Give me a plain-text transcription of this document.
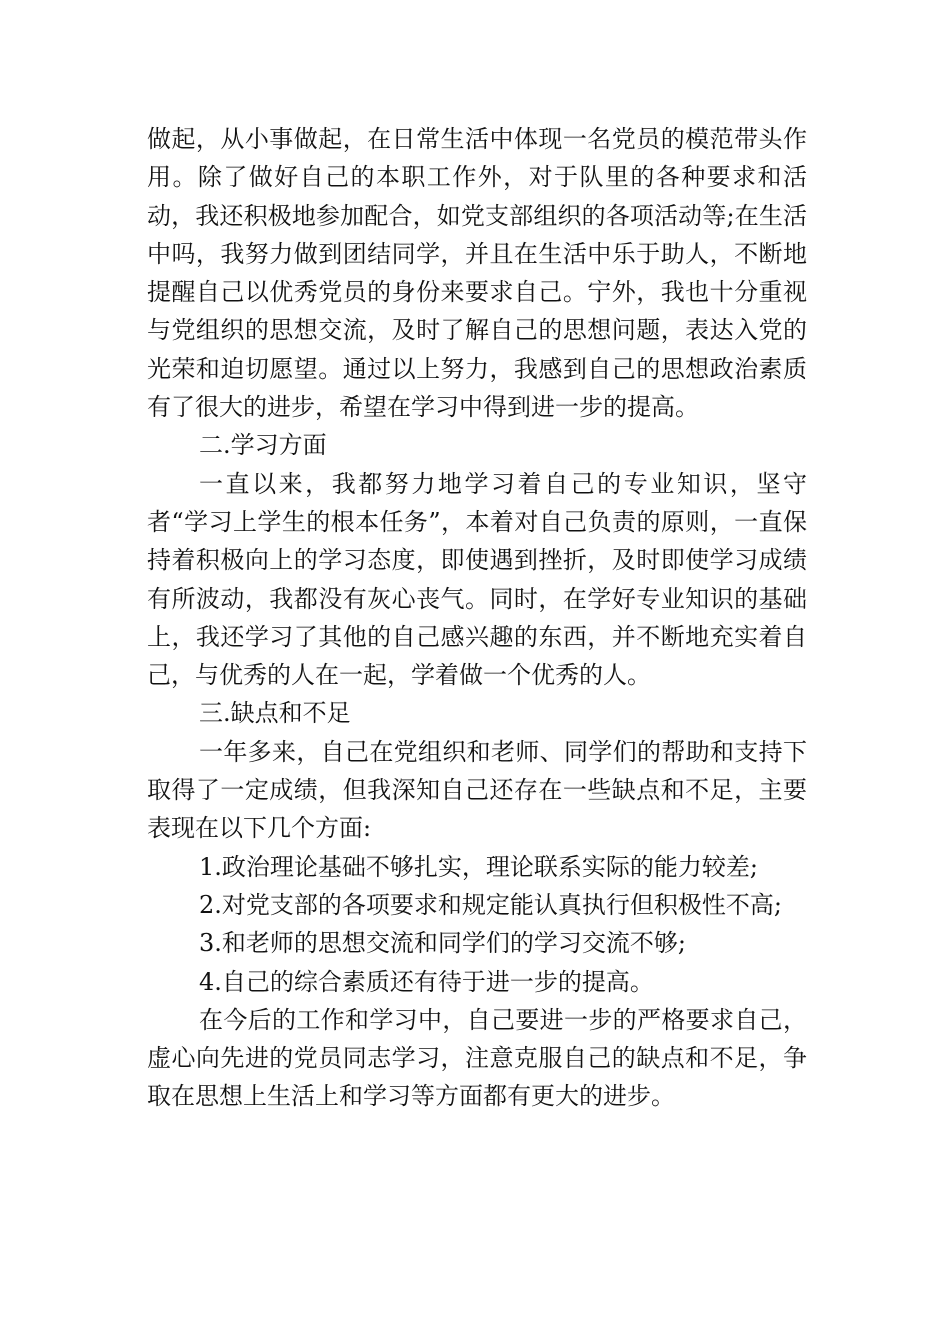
做起，从小事做起，在日常生活中体现一名党员的模范带头作用。除了做好自己的本职工作外，对于队里的各种要求和活动，我还积极地参加配合，如党支部组织的各项活动等;在生活中吗，我努力做到团结同学，并且在生活中乐于助人，不断地提醒自己以优秀党员的身份来要求自己。宁外，我也十分重视与党组织的思想交流，及时了解自己的思想问题，表达入党的光荣和迫切愿望。通过以上努力，我感到自己的思想政治素质有了很大的进步，希望在学习中得到进一步的提高。

二.学习方面

一直以来，我都努力地学习着自己的专业知识，坚守者“学习上学生的根本任务”，本着对自己负责的原则，一直保持着积极向上的学习态度，即使遇到挫折，及时即使学习成绩有所波动，我都没有灰心丧气。同时，在学好专业知识的基础上，我还学习了其他的自己感兴趣的东西，并不断地充实着自己，与优秀的人在一起，学着做一个优秀的人。

三.缺点和不足

一年多来，自己在党组织和老师、同学们的帮助和支持下取得了一定成绩，但我深知自己还存在一些缺点和不足，主要表现在以下几个方面:

1.政治理论基础不够扎实，理论联系实际的能力较差;

2.对党支部的各项要求和规定能认真执行但积极性不高;

3.和老师的思想交流和同学们的学习交流不够;

4.自己的综合素质还有待于进一步的提高。

在今后的工作和学习中，自己要进一步的严格要求自己，虚心向先进的党员同志学习，注意克服自己的缺点和不足，争取在思想上生活上和学习等方面都有更大的进步。
